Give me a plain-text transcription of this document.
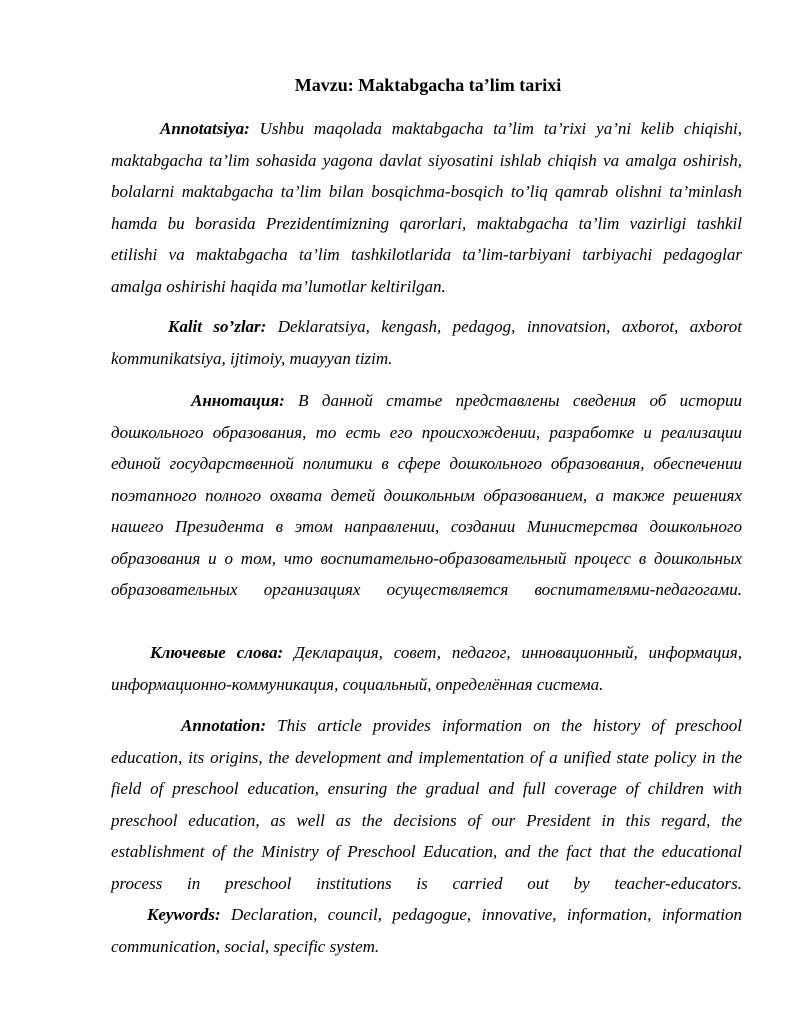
Mavzu: Maktabgacha ta’lim tarixi

Annotatsiya: Ushbu maqolada maktabgacha ta’lim ta’rixi ya’ni kelib chiqishi, maktabgacha ta’lim sohasida yagona davlat siyosatini ishlab chiqish va amalga oshirish, bolalarni maktabgacha ta’lim bilan bosqichma-bosqich to’liq qamrab olishni ta’minlash hamda bu borasida Prezidentimizning qarorlari, maktabgacha ta’lim vazirligi tashkil etilishi va maktabgacha ta’lim tashkilotlarida ta’lim-tarbiyani tarbiyachi pedagoglar amalga oshirishi haqida ma’lumotlar keltirilgan.

Kalit so’zlar: Deklaratsiya, kengash, pedagog, innovatsion, axborot, axborot kommunikatsiya, ijtimoiy, muayyan tizim.

Аннотация: В данной статье представлены сведения об истории дошкольного образования, то есть его происхождении, разработке и реализации единой государственной политики в сфере дошкольного образования, обеспечении поэтапного полного охвата детей дошкольным образованием, а также решениях нашего Президента в этом направлении, создании Министерства дошкольного образования и о том, что воспитательно-образовательный процесс в дошкольных образовательных организациях осуществляется воспитателями-педагогами.

Ключевые слова: Декларация, совет, педагог, инновационный, информация, информационно-коммуникация, социальный, определённая система.

Annotation: This article provides information on the history of preschool education, its origins, the development and implementation of a unified state policy in the field of preschool education, ensuring the gradual and full coverage of children with preschool education, as well as the decisions of our President in this regard, the establishment of the Ministry of Preschool Education, and the fact that the educational process in preschool institutions is carried out by teacher-educators.

Keywords: Declaration, council, pedagogue, innovative, information, information communication, social, specific system.
